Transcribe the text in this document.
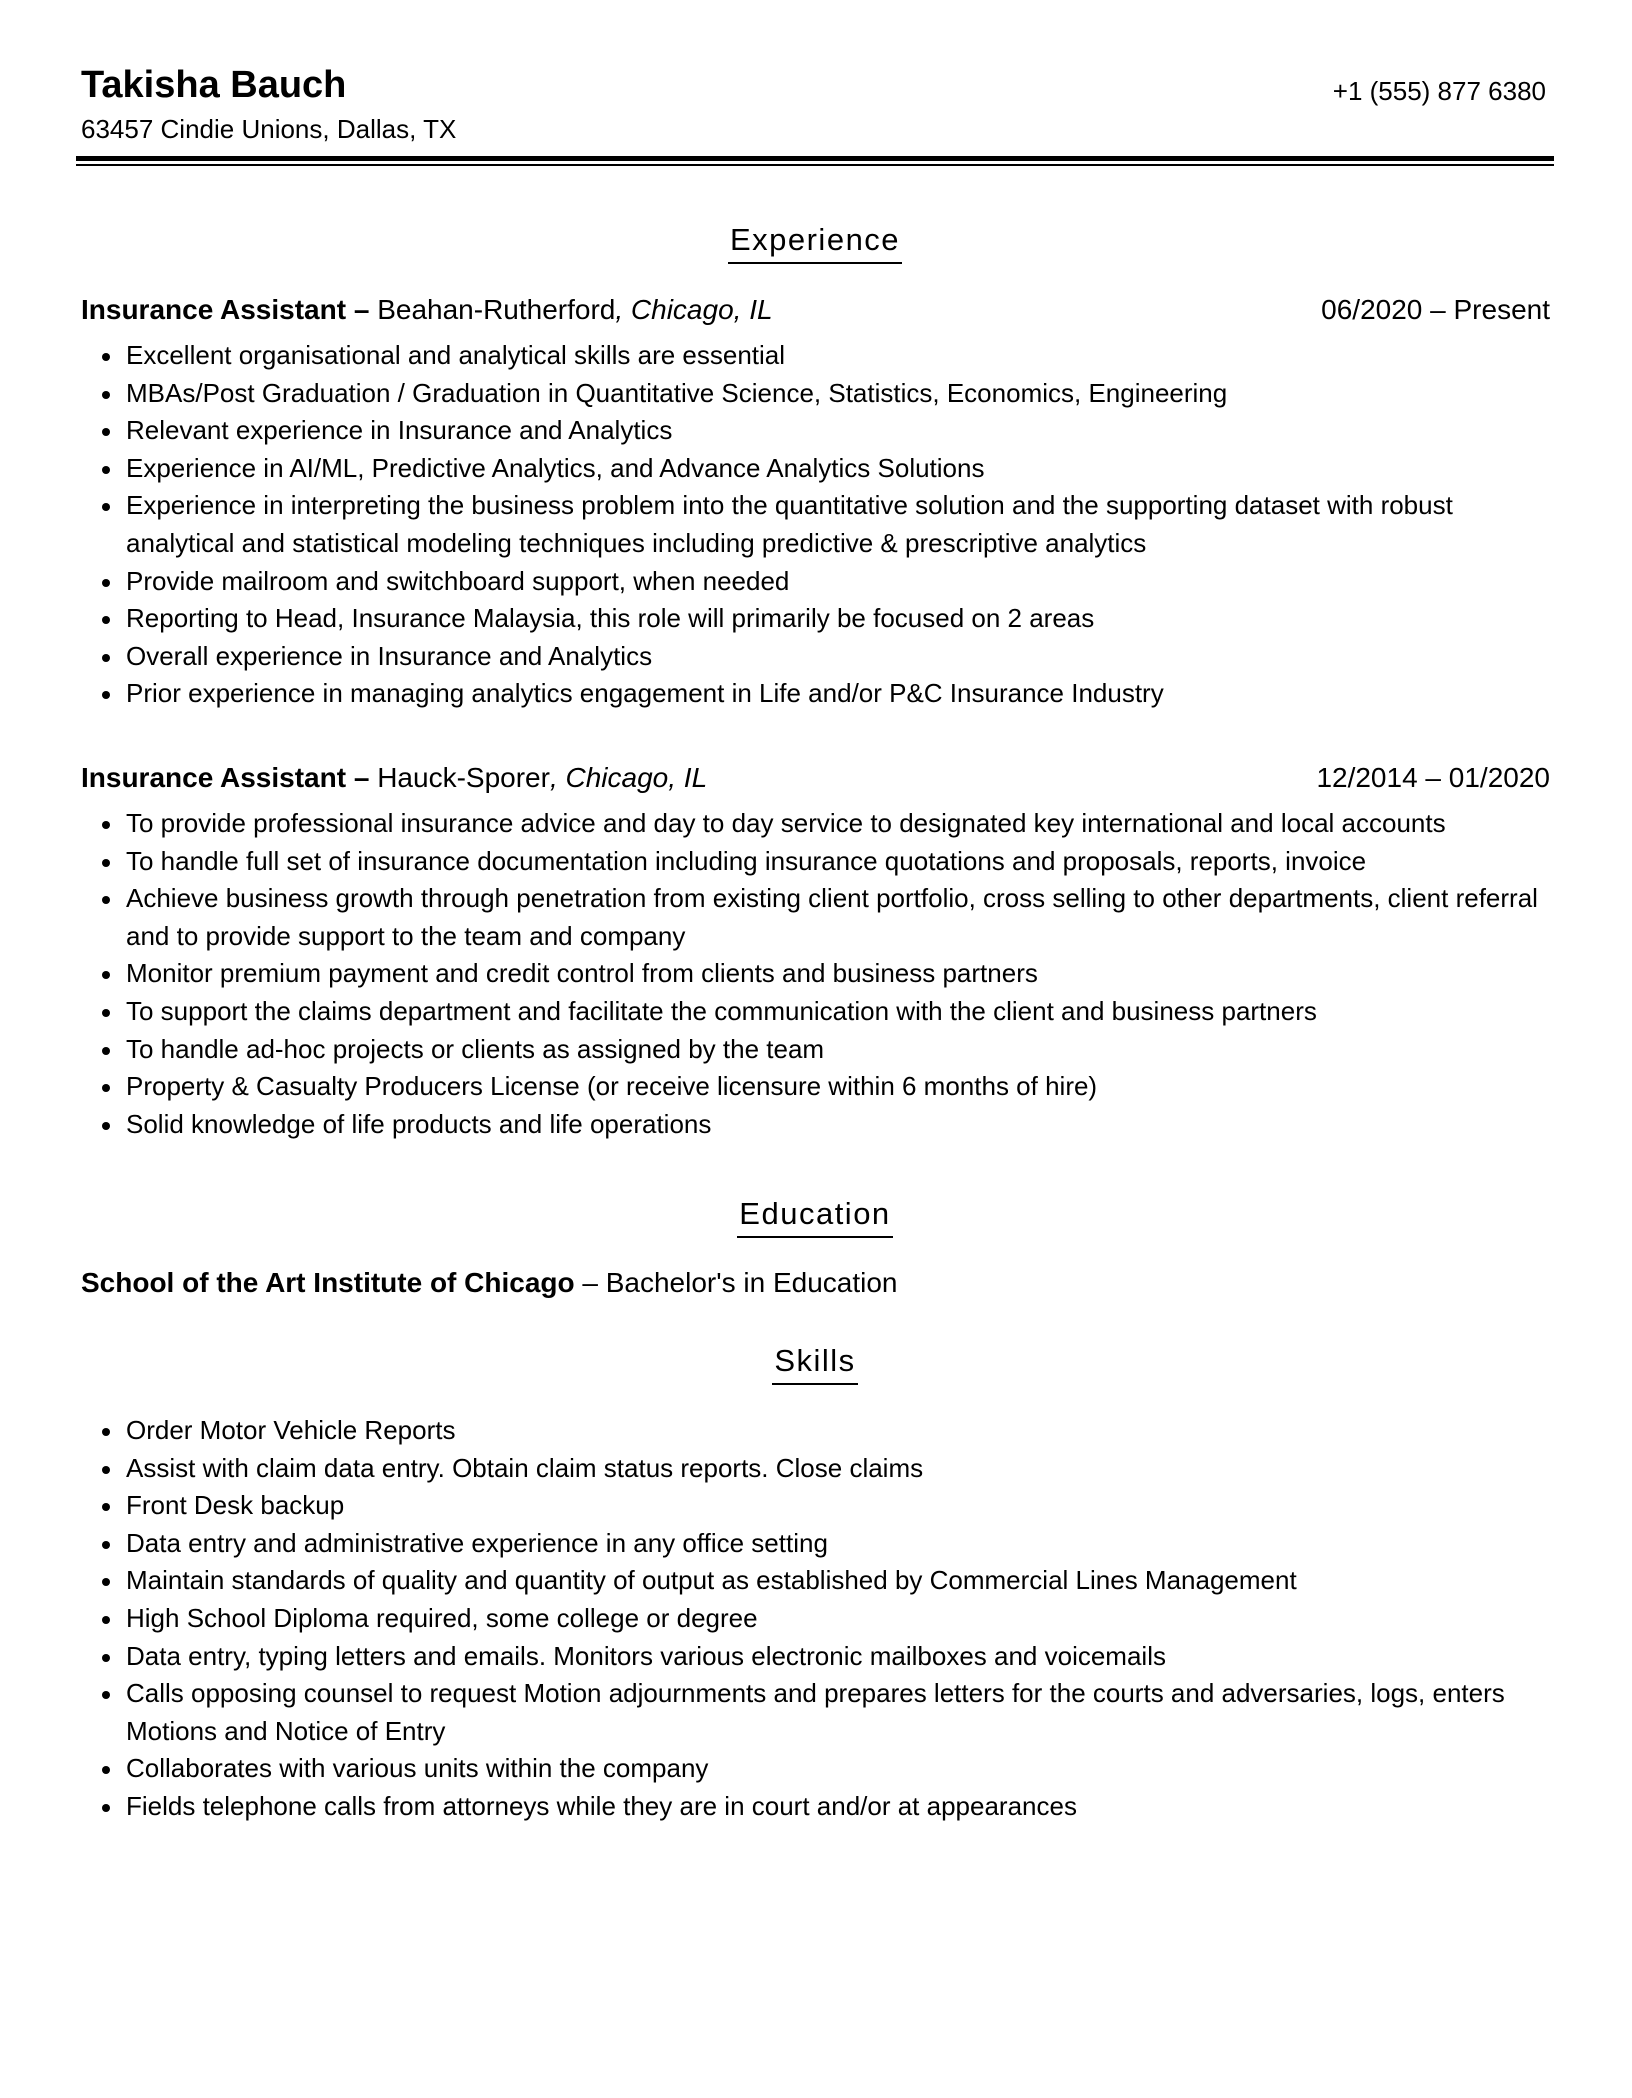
Takisha Bauch
63457 Cindie Unions, Dallas, TX
+1 (555) 877 6380
Experience
Insurance Assistant – Beahan-Rutherford, Chicago, IL	06/2020 – Present
Excellent organisational and analytical skills are essential
MBAs/Post Graduation / Graduation in Quantitative Science, Statistics, Economics, Engineering
Relevant experience in Insurance and Analytics
Experience in AI/ML, Predictive Analytics, and Advance Analytics Solutions
Experience in interpreting the business problem into the quantitative solution and the supporting dataset with robust analytical and statistical modeling techniques including predictive & prescriptive analytics
Provide mailroom and switchboard support, when needed
Reporting to Head, Insurance Malaysia, this role will primarily be focused on 2 areas
Overall experience in Insurance and Analytics
Prior experience in managing analytics engagement in Life and/or P&C Insurance Industry
Insurance Assistant – Hauck-Sporer, Chicago, IL	12/2014 – 01/2020
To provide professional insurance advice and day to day service to designated key international and local accounts
To handle full set of insurance documentation including insurance quotations and proposals, reports, invoice
Achieve business growth through penetration from existing client portfolio, cross selling to other departments, client referral and to provide support to the team and company
Monitor premium payment and credit control from clients and business partners
To support the claims department and facilitate the communication with the client and business partners
To handle ad-hoc projects or clients as assigned by the team
Property & Casualty Producers License (or receive licensure within 6 months of hire)
Solid knowledge of life products and life operations
Education
School of the Art Institute of Chicago – Bachelor's in Education
Skills
Order Motor Vehicle Reports
Assist with claim data entry. Obtain claim status reports. Close claims
Front Desk backup
Data entry and administrative experience in any office setting
Maintain standards of quality and quantity of output as established by Commercial Lines Management
High School Diploma required, some college or degree
Data entry, typing letters and emails. Monitors various electronic mailboxes and voicemails
Calls opposing counsel to request Motion adjournments and prepares letters for the courts and adversaries, logs, enters Motions and Notice of Entry
Collaborates with various units within the company
Fields telephone calls from attorneys while they are in court and/or at appearances
